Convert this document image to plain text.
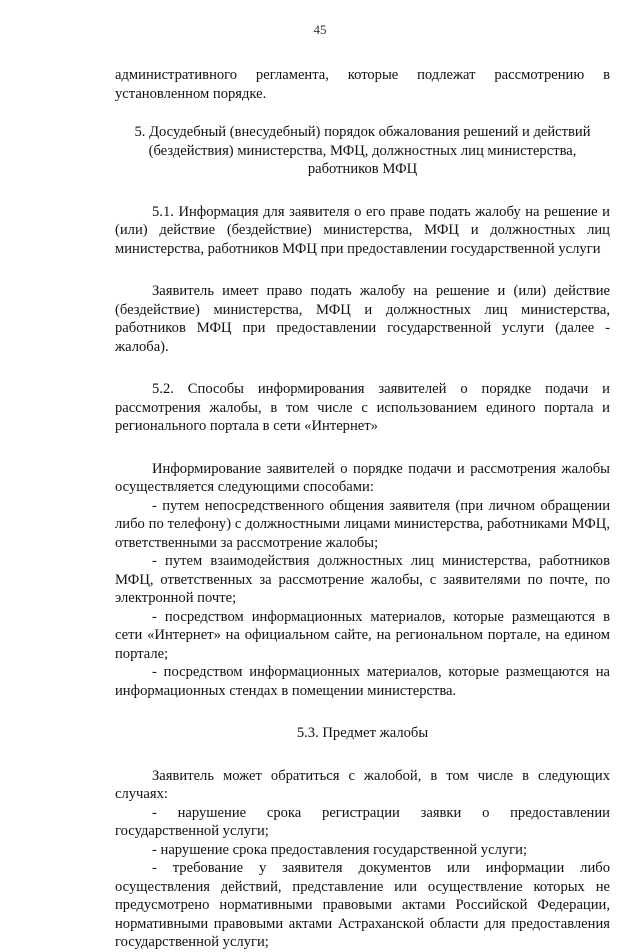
45

административного регламента, которые подлежат рассмотрению в установленном порядке.

5. Досудебный (внесудебный) порядок обжалования решений и действий (бездействия) министерства, МФЦ, должностных лиц министерства, работников МФЦ

5.1. Информация для заявителя о его праве подать жалобу на решение и (или) действие (бездействие) министерства, МФЦ и должностных лиц министерства, работников МФЦ при предоставлении государственной услуги

Заявитель имеет право подать жалобу на решение и (или) действие (бездействие) министерства, МФЦ и должностных лиц министерства, работников МФЦ при предоставлении государственной услуги (далее - жалоба).

5.2. Способы информирования заявителей о порядке подачи и рассмотрения жалобы, в том числе с использованием единого портала и регионального портала в сети «Интернет»

Информирование заявителей о порядке подачи и рассмотрения жалобы осуществляется следующими способами:

- путем непосредственного общения заявителя (при личном обращении либо по телефону) с должностными лицами министерства, работниками МФЦ, ответственными за рассмотрение жалобы;

- путем взаимодействия должностных лиц министерства, работников МФЦ, ответственных за рассмотрение жалобы, с заявителями по почте, по электронной почте;

- посредством информационных материалов, которые размещаются в сети «Интернет» на официальном сайте, на региональном портале, на едином портале;

- посредством информационных материалов, которые размещаются на информационных стендах в помещении министерства.

5.3. Предмет жалобы

Заявитель может обратиться с жалобой, в том числе в следующих случаях:

- нарушение срока регистрации заявки о предоставлении государственной услуги;

- нарушение срока предоставления государственной услуги;

- требование у заявителя документов или информации либо осуществления действий, представление или осуществление которых не предусмотрено нормативными правовыми актами Российской Федерации, нормативными правовыми актами Астраханской области для предоставления государственной услуги;
